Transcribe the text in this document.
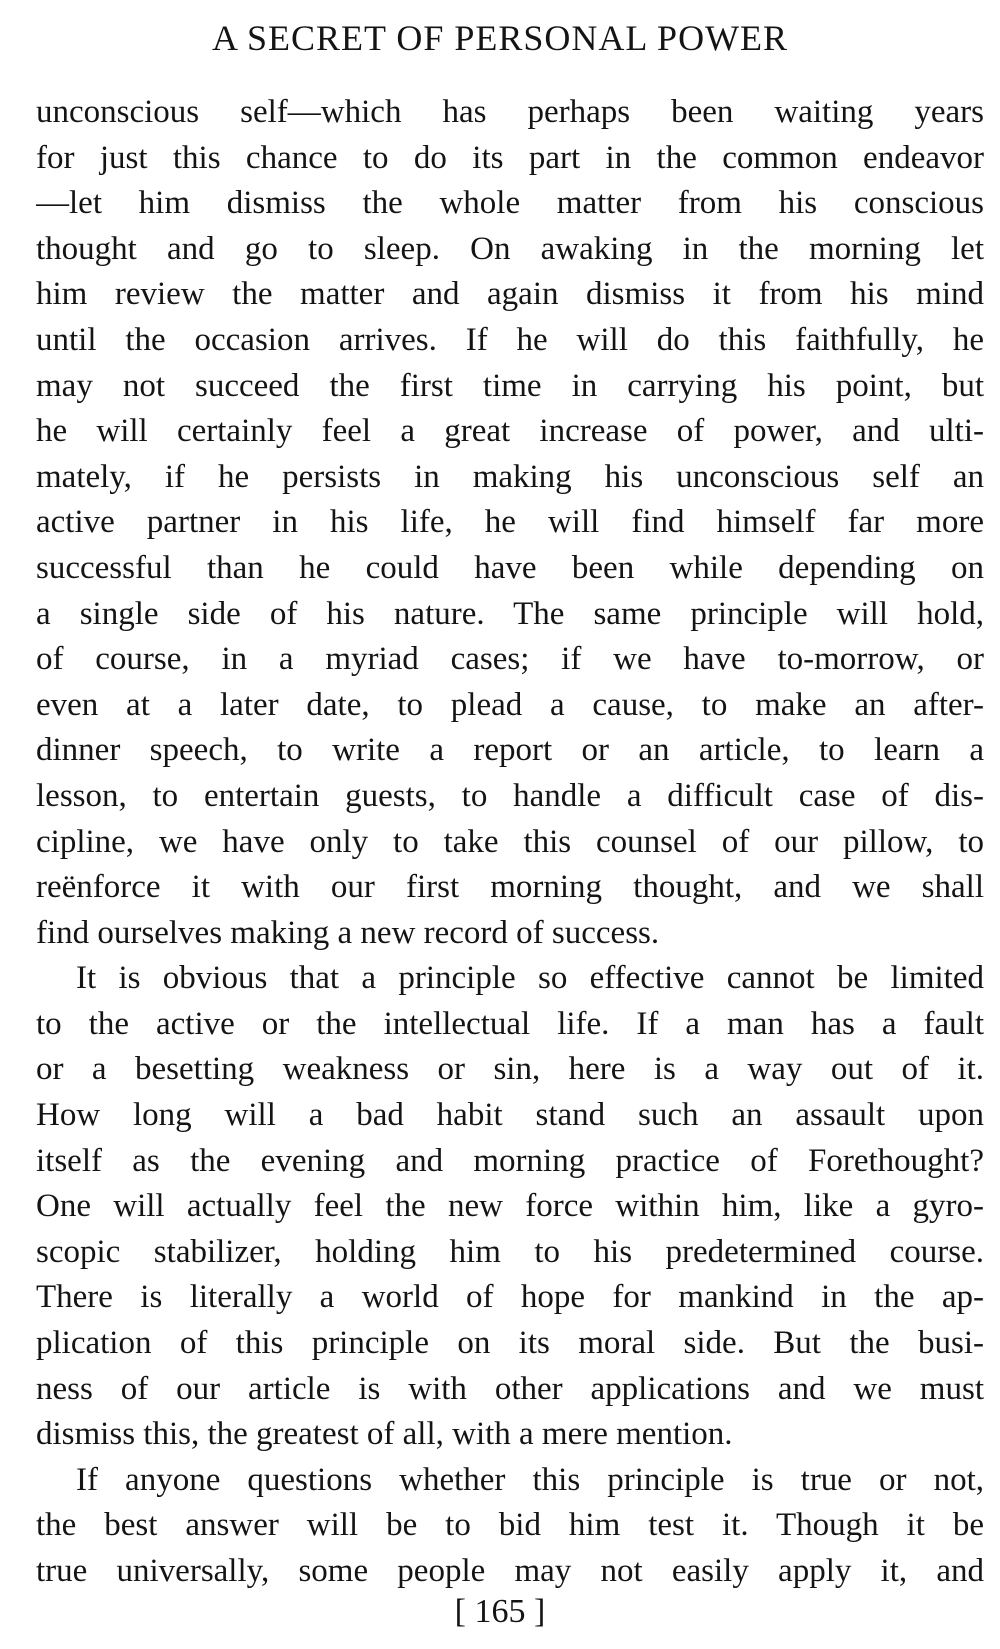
A SECRET OF PERSONAL POWER
unconscious self—which has perhaps been waiting years
for just this chance to do its part in the common endeavor
—let him dismiss the whole matter from his conscious
thought and go to sleep. On awaking in the morning let
him review the matter and again dismiss it from his mind
until the occasion arrives. If he will do this faithfully, he
may not succeed the first time in carrying his point, but
he will certainly feel a great increase of power, and ulti-
mately, if he persists in making his unconscious self an
active partner in his life, he will find himself far more
successful than he could have been while depending on
a single side of his nature. The same principle will hold,
of course, in a myriad cases; if we have to-morrow, or
even at a later date, to plead a cause, to make an after-
dinner speech, to write a report or an article, to learn a
lesson, to entertain guests, to handle a difficult case of dis-
cipline, we have only to take this counsel of our pillow, to
reënforce it with our first morning thought, and we shall
find ourselves making a new record of success.
It is obvious that a principle so effective cannot be limited
to the active or the intellectual life. If a man has a fault
or a besetting weakness or sin, here is a way out of it.
How long will a bad habit stand such an assault upon
itself as the evening and morning practice of Forethought?
One will actually feel the new force within him, like a gyro-
scopic stabilizer, holding him to his predetermined course.
There is literally a world of hope for mankind in the ap-
plication of this principle on its moral side. But the busi-
ness of our article is with other applications and we must
dismiss this, the greatest of all, with a mere mention.
If anyone questions whether this principle is true or not,
the best answer will be to bid him test it. Though it be
true universally, some people may not easily apply it, and
[ 165 ]
